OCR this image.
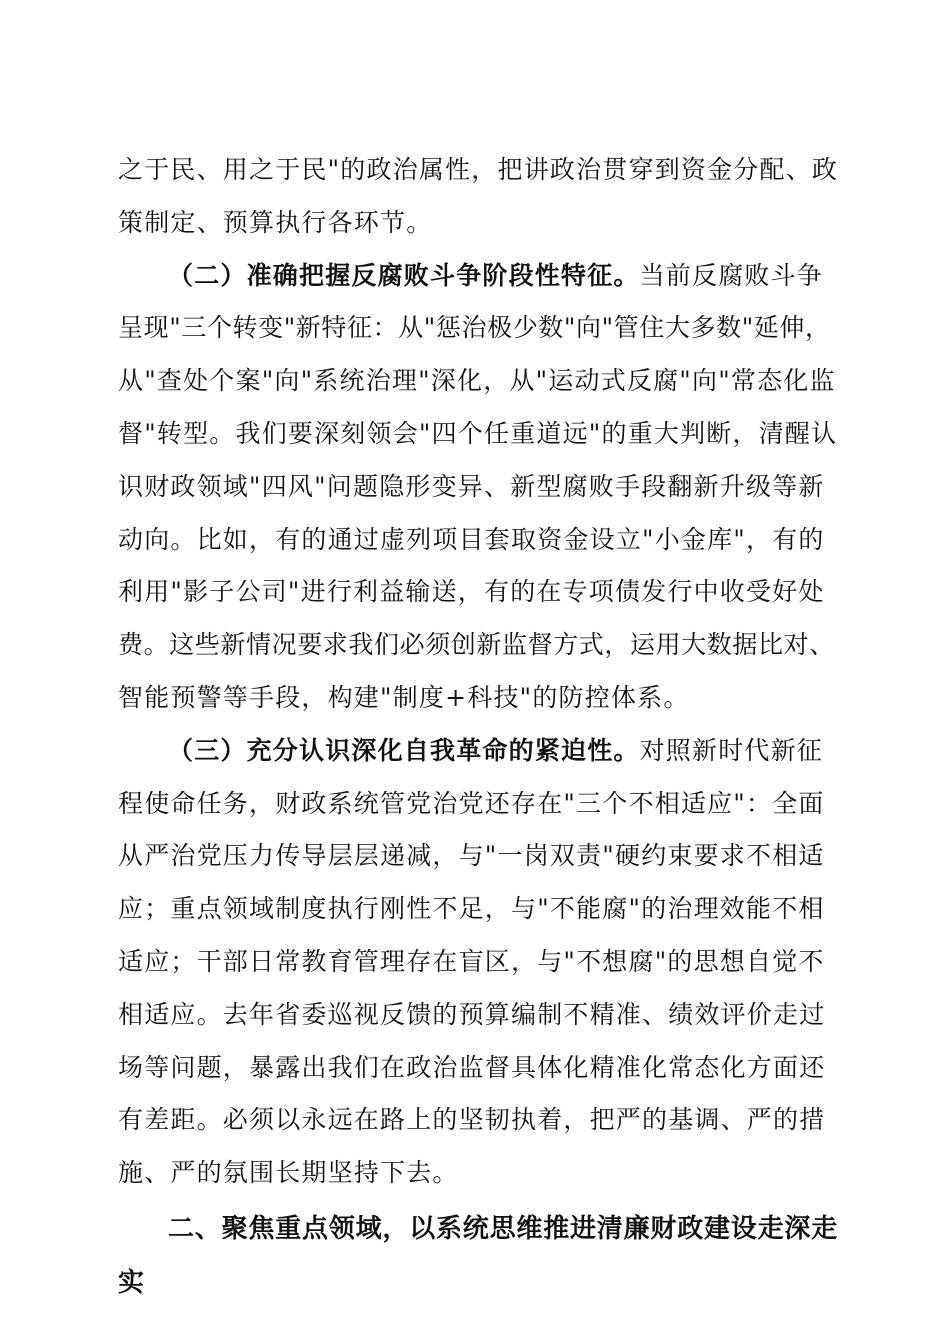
之于民、用之于民"的政治属性，把讲政治贯穿到资金分配、政
策制定、预算执行各环节。
（二）准确把握反腐败斗争阶段性特征。当前反腐败斗争
呈现"三个转变"新特征：从"惩治极少数"向"管住大多数"延伸，
从"查处个案"向"系统治理"深化，从"运动式反腐"向"常态化监
督"转型。我们要深刻领会"四个任重道远"的重大判断，清醒认
识财政领域"四风"问题隐形变异、新型腐败手段翻新升级等新
动向。比如，有的通过虚列项目套取资金设立"小金库"，有的
利用"影子公司"进行利益输送，有的在专项债发行中收受好处
费。这些新情况要求我们必须创新监督方式，运用大数据比对、
智能预警等手段，构建"制度+科技"的防控体系。
（三）充分认识深化自我革命的紧迫性。对照新时代新征
程使命任务，财政系统管党治党还存在"三个不相适应"：全面
从严治党压力传导层层递减，与"一岗双责"硬约束要求不相适
应；重点领域制度执行刚性不足，与"不能腐"的治理效能不相
适应；干部日常教育管理存在盲区，与"不想腐"的思想自觉不
相适应。去年省委巡视反馈的预算编制不精准、绩效评价走过
场等问题，暴露出我们在政治监督具体化精准化常态化方面还
有差距。必须以永远在路上的坚韧执着，把严的基调、严的措
施、严的氛围长期坚持下去。
二、聚焦重点领域，以系统思维推进清廉财政建设走深走
实
